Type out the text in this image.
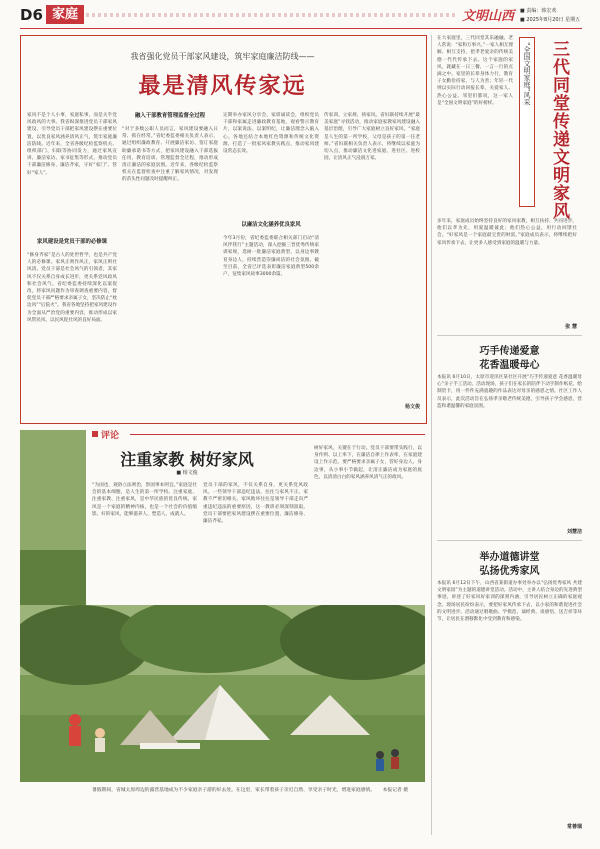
D6 家庭	文明山西 ■ 责编：韩宏欢
■ 2025年8月20日 星期五
我省强化党员干部家风建设，筑牢家庭廉洁防线——
最是清风传家远
家风不是个人小事，家庭私事，而是关乎党风政风的大事。我省纵深推进党员干部家风建设，引导党员干部把家风建设摆在重要位置，以优良家风涵养清风正气，筑牢家庭廉洁防线。近年来，全省各级纪检监察机关、组织部门、妇联等协同发力，通过家风宣讲、廉洁家访、家书征集等形式，推动党员干部廉洁修身、廉洁齐家，守好“家门”、管好“家人”。
家风建设是党员干部的必修课
“修身齐家”是古人的处世哲学，也是共产党人的必修课。家风正则作风正，家风正则社风清。党员干部是社会风气的引领者，其家风不仅关系自身成长进步，更关系党风政风和社会风气。省纪委监委持续深化以案促改，将家风问题作为审查调查重要内容，督促党员干部严格要求亲属子女，坚决防止“枕边风”“后院火”。我省各地坚持把家风建设作为全面从严治党的重要内容，推动形成以家风带民风、以民风促社风的良好局面。
融入干部教育管理监督全过程
“对于多数公职人员而言，家风建设要融入日常、抓在经常。”省纪委监委相关负责人表示，通过组织廉政教育、开展廉洁家访、签订家庭助廉承诺书等方式，把家风建设融入干部选拔任用、教育培训、管理监督全过程，推动形成清正廉洁的家庭氛围。近年来，各级纪检监察机关在监督检查中注重了解家风情况，对发现的苗头性问题及时提醒纠正。
定期举办家风分享会、家训诵读会，组织党员干部和家属走进廉政教育基地，观看警示教育片，以案说法、以案明纪，让廉洁理念入脑入心。各地还结合本地红色资源和传统文化资源，打造了一批家风家教实践点，推动家风建设常态长效。
以廉洁文化涵养优良家风
今年3月份，省纪委监委联合相关部门启动“清风伴我行”主题活动，深入挖掘三晋优秀传统家训家规，选树一批廉洁家庭典型，以身边事教育身边人，持续营造崇廉尚洁的社会氛围。截至目前，全省已评选表彰廉洁家庭典型500余户，征集家风故事3000余篇。
传家训、立家规、扬家风。省妇联持续开展“最美家庭”寻找活动，推动家庭家教家风建设融入基层治理，引导广大家庭树立良好家风。“家庭是人生的第一所学校，父母是孩子的第一任老师。”省妇联相关负责人表示，将继续以家庭为切入点，推动廉洁文化进家庭、进社区、进校园，让清风正气浸润万家。
杨文俊
评论
注重家教 树好家风
■ 杨文俊
“为国也，观俗立法则治，察国事本则宜。”家庭是社会的基本细胞，是人生的第一所学校。注重家庭、注重家教、注重家风，是中华民族的优良传统。家风是一个家庭的精神内核，也是一个社会的价值缩影。好的家风，能够滋养人、塑造人、成就人。
党员干部的家风，不仅关系自身，更关系党风政风。一些领导干部违纪违法，往往与家风不正、家教不严密切相关。家风败坏往往是领导干部走向严重违纪违法的重要原因，这一教训必须深刻汲取。党员干部要把家风建设摆在重要位置，廉洁修身、廉洁齐家。
树好家风，关键在于行动。党员干部要带头践行，以身作则、以上率下，在廉洁自律上作表率，在家庭建设上作示范。要严格要求亲属子女，管好身边人、身边事，从小事小节做起，让清正廉洁成为家庭的底色，以清清白白的家风涵养风清气正的政风。
暑假期间，省城太原周边的露营基地成为不少家庭亲子游的好去处。在这里，家长带着孩子亲近自然、享受亲子时光，增进家庭感情。 本报记者 摄
在大家庭里，三代同堂其乐融融。老人常说：“家和万事兴。”一家人相互理解、相互支持，把孝老爱亲的传统美德一代代传承下去。这个家庭的家风，就藏在一日三餐、一言一行的点滴之中。家里的长辈身体力行，教育子女勤俭持家、与人为善；年轻一代则以实际行动回报长辈，关爱家人、热心公益。邻里们都说，这一家人是“全国文明家庭”的好榜样。	“全国文明家庭”风采	三代同堂传递文明家风
多年来，家庭成员始终坚持良好的家风家教，相互扶持、共同进步。他们以孝为先，用爱温暖彼此；他们热心公益，用行动回馈社会。“好家风是一个家庭最宝贵的财富。”家庭成员表示，将继续把好家风传承下去，让更多人感受到家庭的温暖与力量。
张 慧
巧手传递爱意
花香温暖母心
本报讯 6月10日，太原市迎泽区某社区开展“巧手传递爱意 花香温暖母心”亲子手工活动。活动现场，孩子们在家长的陪伴下动手制作纸花、绘制贺卡，用一件件充满童趣的作品表达对母亲的感恩之情。社区工作人员表示，此次活动旨在弘扬孝亲敬老传统美德，引导孩子学会感恩，营造和谐温馨的家庭氛围。
刘慧洁
举办道德讲堂
弘扬优秀家风
本报讯 6月12日下午，山西省某街道办事处举办以“弘扬优秀家风 共建文明家园”为主题的道德讲堂活动。活动中，主讲人结合身边的先进典型事迹，讲述了好家风好家训的深刻内涵，引导居民树立正确的家庭观念。现场居民纷纷表示，要把好家风传承下去，以小家的和谐促进社会的文明进步。活动通过唱歌曲、学模范、诵经典、谈感悟、送吉祥等环节，让居民在潜移默化中受到教育和感染。
常善瑞
